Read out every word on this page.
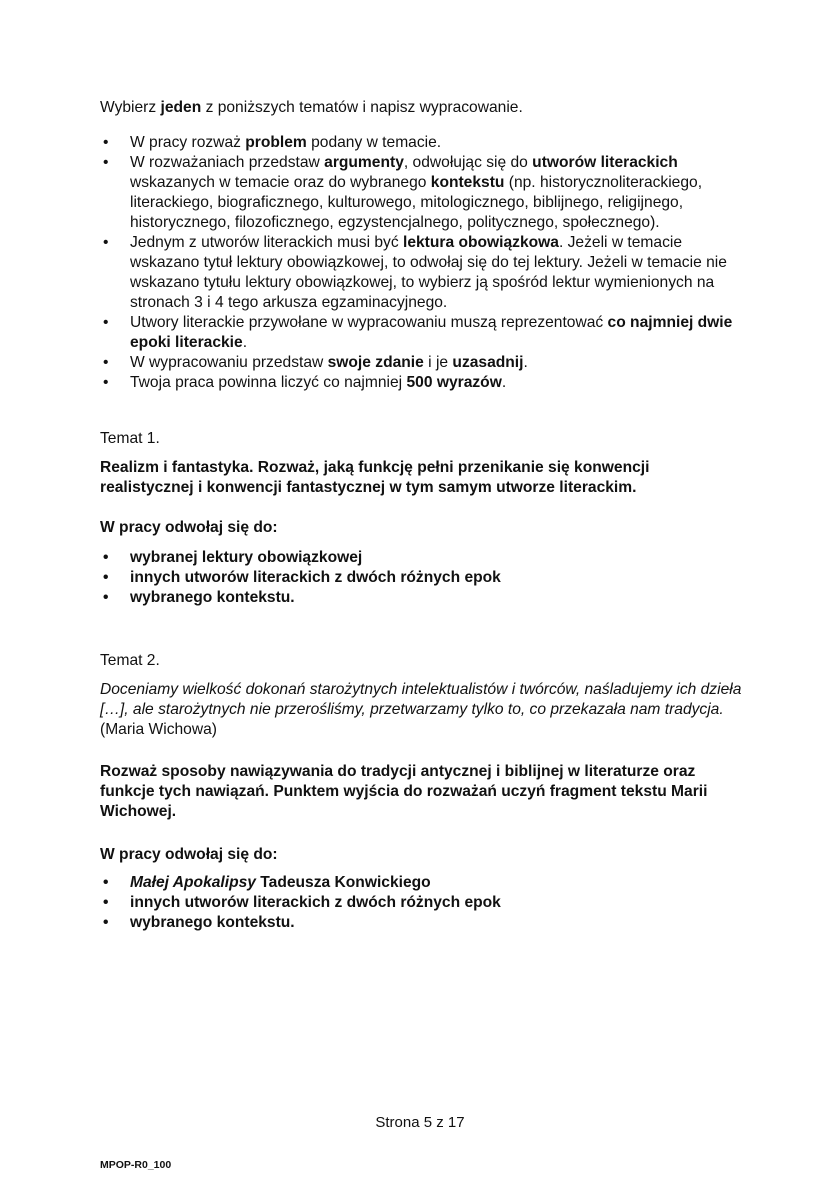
Wybierz jeden z poniższych tematów i napisz wypracowanie.

• W pracy rozważ problem podany w temacie.
• W rozważaniach przedstaw argumenty, odwołując się do utworów literackich wskazanych w temacie oraz do wybranego kontekstu (np. historycznoliterackiego, literackiego, biograficznego, kulturowego, mitologicznego, biblijnego, religijnego, historycznego, filozoficznego, egzystencjalnego, politycznego, społecznego).
• Jednym z utworów literackich musi być lektura obowiązkowa. Jeżeli w temacie wskazano tytuł lektury obowiązkowej, to odwołaj się do tej lektury. Jeżeli w temacie nie wskazano tytułu lektury obowiązkowej, to wybierz ją spośród lektur wymienionych na stronach 3 i 4 tego arkusza egzaminacyjnego.
• Utwory literackie przywołane w wypracowaniu muszą reprezentować co najmniej dwie epoki literackie.
• W wypracowaniu przedstaw swoje zdanie i je uzasadnij.
• Twoja praca powinna liczyć co najmniej 500 wyrazów.

Temat 1.

Realizm i fantastyka. Rozważ, jaką funkcję pełni przenikanie się konwencji realistycznej i konwencji fantastycznej w tym samym utworze literackim.

W pracy odwołaj się do:

• wybranej lektury obowiązkowej
• innych utworów literackich z dwóch różnych epok
• wybranego kontekstu.

Temat 2.

Doceniamy wielkość dokonań starożytnych intelektualistów i twórców, naśladujemy ich dzieła […], ale starożytnych nie przerośliśmy, przetwarzamy tylko to, co przekazała nam tradycja.

(Maria Wichowa)

Rozważ sposoby nawiązywania do tradycji antycznej i biblijnej w literaturze oraz funkcje tych nawiązań. Punktem wyjścia do rozważań uczyń fragment tekstu Marii Wichowej.

W pracy odwołaj się do:

• Małej Apokalipsy Tadeusza Konwickiego
• innych utworów literackich z dwóch różnych epok
• wybranego kontekstu.
Strona 5 z 17
MPOP-R0_100
